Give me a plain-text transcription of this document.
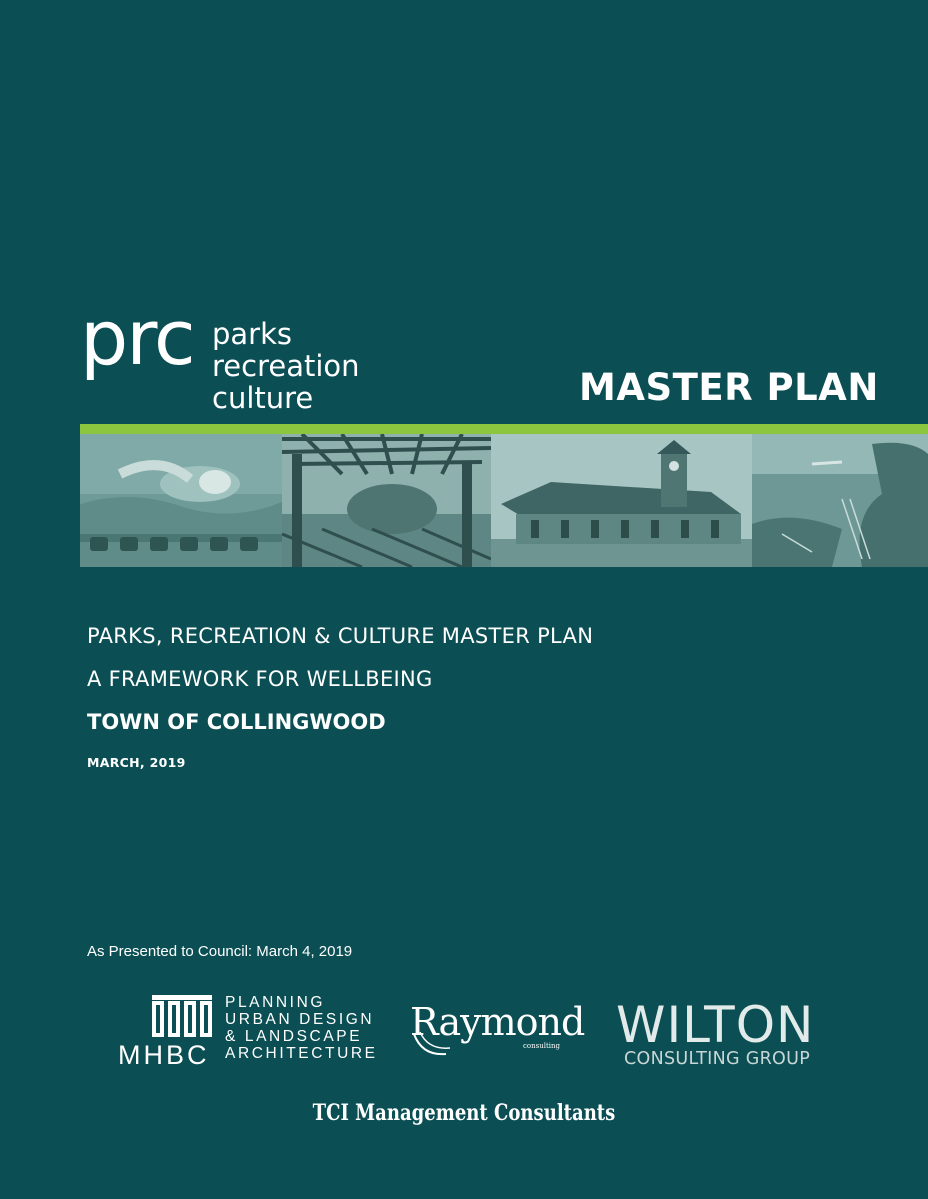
prc parks
recreation
culture	MASTER PLAN
PARKS, RECREATION & CULTURE MASTER PLAN
A FRAMEWORK FOR WELLBEING
TOWN OF COLLINGWOOD
MARCH, 2019
As Presented to Council: March 4, 2019
MHBC
PLANNING
URBAN DESIGN
& LANDSCAPE
ARCHITECTURE
Raymond
consulting WILTON
CONSULTING GROUP
TCI Management Consultants
